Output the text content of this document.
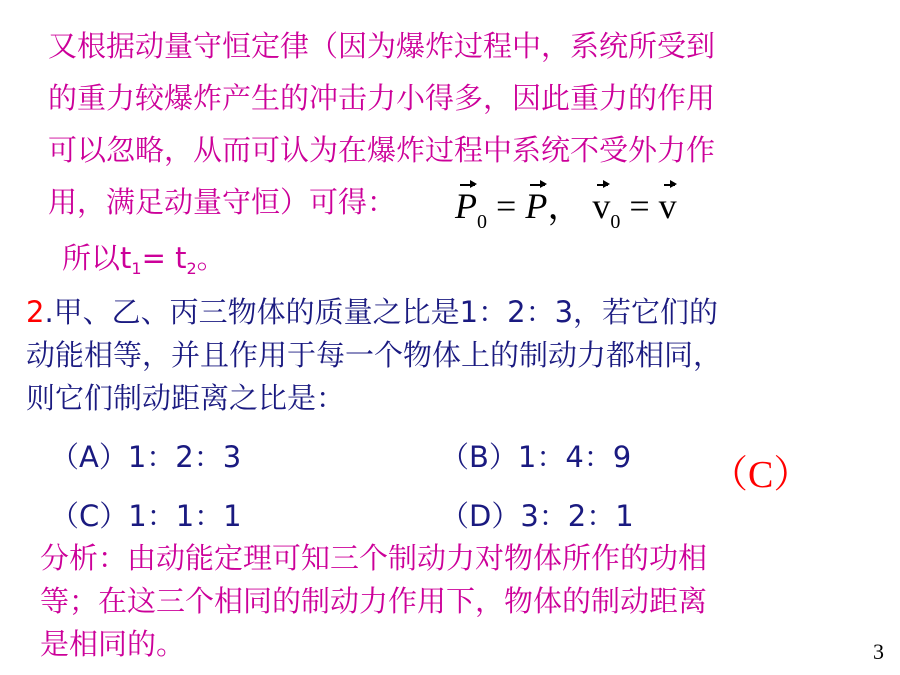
又根据动量守恒定律（因为爆炸过程中，系统所受到
的重力较爆炸产生的冲击力小得多，因此重力的作用
可以忽略，从而可认为在爆炸过程中系统不受外力作
用，满足动量守恒）可得： $P_0 = P$， $v_0 = v$
所以$t_1= t_2$。
2.甲、乙、丙三物体的质量之比是1：2：3，若它们的
动能相等，并且作用于每一个物体上的制动力都相同，
则它们制动距离之比是：
（A）1：2：3	（B）1：4：9
（C）1：1：1	（D）3：2：1
（C）
分析：由动能定理可知三个制动力对物体所作的功相
等；在这三个相同的制动力作用下，物体的制动距离
是相同的。	3
